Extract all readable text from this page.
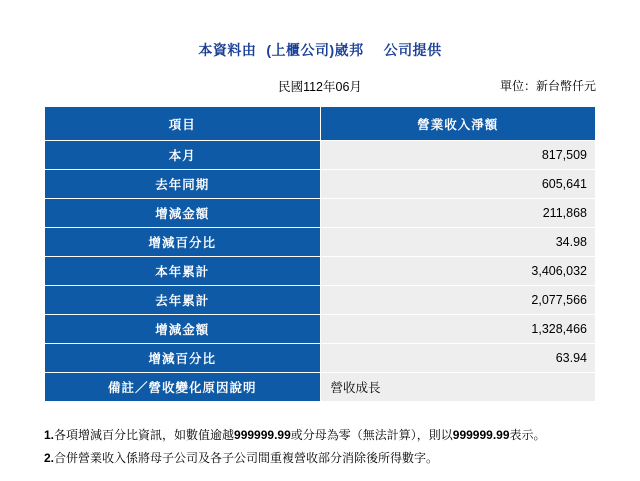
本資料由 (上櫃公司)崴邦 公司提供
民國112年06月	單位：新台幣仟元
項目	營業收入淨額
本月	817,509
去年同期	605,641
增減金額	211,868
增減百分比	34.98
本年累計	3,406,032
去年累計	2,077,566
增減金額	1,328,466
增減百分比	63.94
備註／營收變化原因說明	營收成長
1.各項增減百分比資訊，如數值逾越999999.99或分母為零（無法計算），則以999999.99表示。
2.合併營業收入係將母子公司及各子公司間重複營收部分消除後所得數字。
